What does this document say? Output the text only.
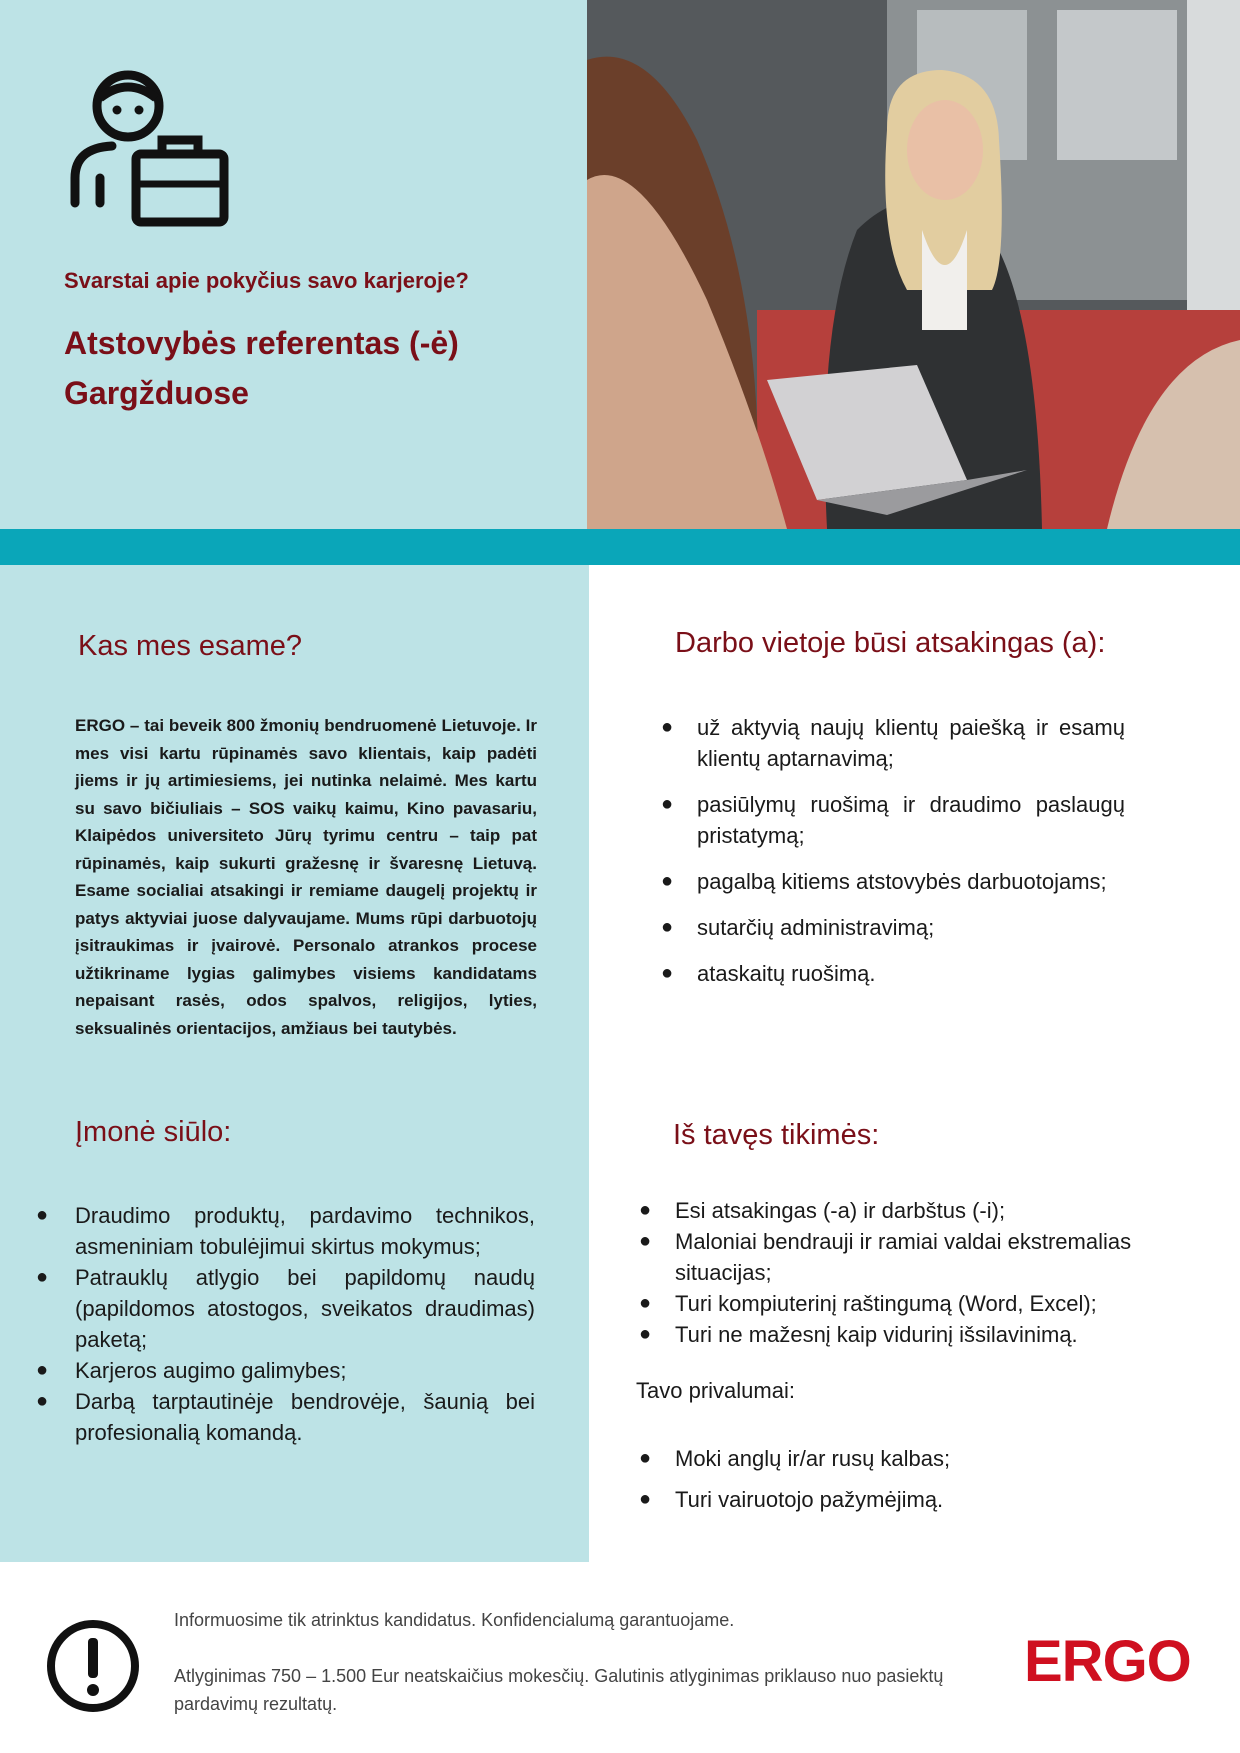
Svarstai apie pokyčius savo karjeroje?
Atstovybės referentas (-ė)
Gargžduose
Kas mes esame?
ERGO – tai beveik 800 žmonių bendruomenė Lietuvoje. Ir mes visi kartu rūpinamės savo klientais, kaip padėti jiems ir jų artimiesiems, jei nutinka nelaimė. Mes kartu su savo bičiuliais – SOS vaikų kaimu, Kino pavasariu, Klaipėdos universiteto Jūrų tyrimu centru – taip pat rūpinamės, kaip sukurti gražesnę ir švaresnę Lietuvą. Esame socialiai atsakingi ir remiame daugelį projektų ir patys aktyviai juose dalyvaujame. Mums rūpi darbuotojų įsitraukimas ir įvairovė. Personalo atrankos procese užtikriname lygias galimybes visiems kandidatams nepaisant rasės, odos spalvos, religijos, lyties, seksualinės orientacijos, amžiaus bei tautybės.
Įmonė siūlo:
● Draudimo produktų, pardavimo technikos, asmeniniam tobulėjimui skirtus mokymus;
● Patrauklų atlygio bei papildomų naudų (papildomos atostogos, sveikatos draudimas) paketą;
● Karjeros augimo galimybes;
● Darbą tarptautinėje bendrovėje, šaunią bei profesionalią komandą.
Darbo vietoje būsi atsakingas (a):
● už aktyvią naujų klientų paiešką ir esamų klientų aptarnavimą;
● pasiūlymų ruošimą ir draudimo paslaugų pristatymą;
● pagalbą kitiems atstovybės darbuotojams;
● sutarčių administravimą;
● ataskaitų ruošimą.
Iš tavęs tikimės:
● Esi atsakingas (-a) ir darbštus (-i);
● Maloniai bendrauji ir ramiai valdai ekstremalias situacijas;
● Turi kompiuterinį raštingumą (Word, Excel);
● Turi ne mažesnį kaip vidurinį išsilavinimą.
Tavo privalumai:
● Moki anglų ir/ar rusų kalbas;
● Turi vairuotojo pažymėjimą.
Informuosime tik atrinktus kandidatus. Konfidencialumą garantuojame.
Atlyginimas 750 – 1.500 Eur neatskaičius mokesčių. Galutinis atlyginimas priklauso nuo pasiektų pardavimų rezultatų.
ERGO
